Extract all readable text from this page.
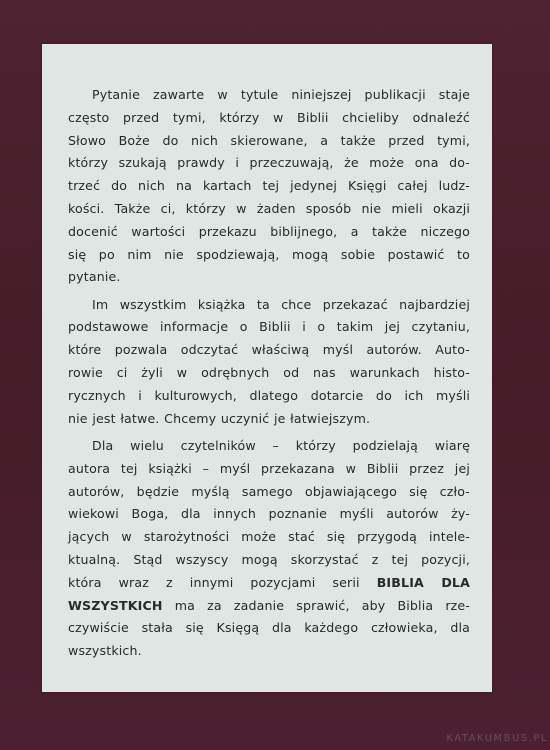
Pytanie zawarte w tytule niniejszej publikacji staje
często przed tymi, którzy w Biblii chcieliby odnaleźć
Słowo Boże do nich skierowane, a także przed tymi,
którzy szukają prawdy i przeczuwają, że może ona do-
trzeć do nich na kartach tej jedynej Księgi całej ludz-
kości. Także ci, którzy w żaden sposób nie mieli okazji
docenić wartości przekazu biblijnego, a także niczego
się po nim nie spodziewają, mogą sobie postawić to
pytanie.

Im wszystkim książka ta chce przekazać najbardziej
podstawowe informacje o Biblii i o takim jej czytaniu,
które pozwala odczytać właściwą myśl autorów. Auto-
rowie ci żyli w odrębnych od nas warunkach histo-
rycznych i kulturowych, dlatego dotarcie do ich myśli
nie jest łatwe. Chcemy uczynić je łatwiejszym.

Dla wielu czytelników – którzy podzielają wiarę
autora tej książki – myśl przekazana w Biblii przez jej
autorów, będzie myślą samego objawiającego się czło-
wiekowi Boga, dla innych poznanie myśli autorów ży-
jących w starożytności może stać się przygodą intele-
ktualną. Stąd wszyscy mogą skorzystać z tej pozycji,
która wraz z innymi pozycjami serii BIBLIA DLA
WSZYSTKICH ma za zadanie sprawić, aby Biblia rze-
czywiście stała się Księgą dla każdego człowieka, dla
wszystkich.

KATAKUMBUS.PL
